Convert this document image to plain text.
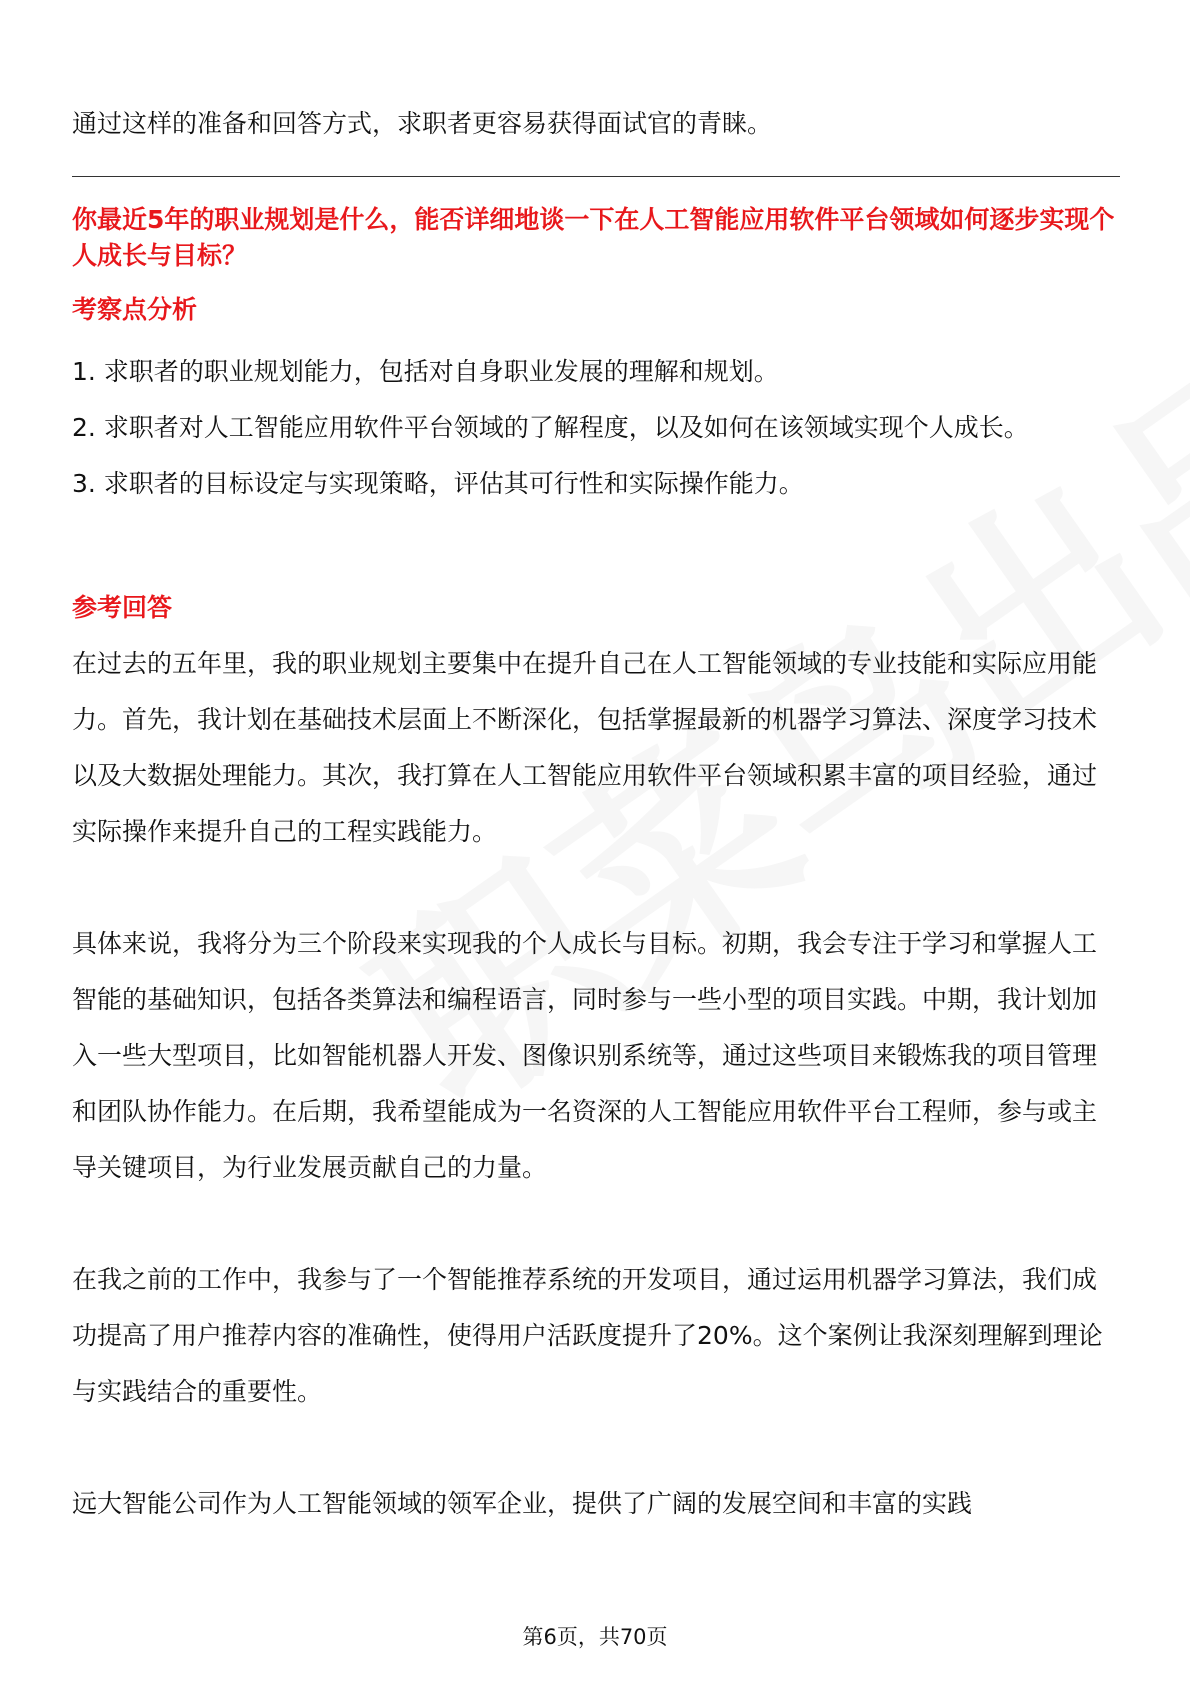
通过这样的准备和回答方式，求职者更容易获得面试官的青睐。

你最近5年的职业规划是什么，能否详细地谈一下在人工智能应用软件平台领域如何逐步实现个人成长与目标？

考察点分析

1. 求职者的职业规划能力，包括对自身职业发展的理解和规划。
2. 求职者对人工智能应用软件平台领域的了解程度，以及如何在该领域实现个人成长。
3. 求职者的目标设定与实现策略，评估其可行性和实际操作能力。

参考回答

在过去的五年里，我的职业规划主要集中在提升自己在人工智能领域的专业技能和实际应用能力。首先，我计划在基础技术层面上不断深化，包括掌握最新的机器学习算法、深度学习技术以及大数据处理能力。其次，我打算在人工智能应用软件平台领域积累丰富的项目经验，通过实际操作来提升自己的工程实践能力。

具体来说，我将分为三个阶段来实现我的个人成长与目标。初期，我会专注于学习和掌握人工智能的基础知识，包括各类算法和编程语言，同时参与一些小型的项目实践。中期，我计划加入一些大型项目，比如智能机器人开发、图像识别系统等，通过这些项目来锻炼我的项目管理和团队协作能力。在后期，我希望能成为一名资深的人工智能应用软件平台工程师，参与或主导关键项目，为行业发展贡献自己的力量。

在我之前的工作中，我参与了一个智能推荐系统的开发项目，通过运用机器学习算法，我们成功提高了用户推荐内容的准确性，使得用户活跃度提升了20%。这个案例让我深刻理解到理论与实践结合的重要性。

远大智能公司作为人工智能领域的领军企业，提供了广阔的发展空间和丰富的实践

第6页，共70页
